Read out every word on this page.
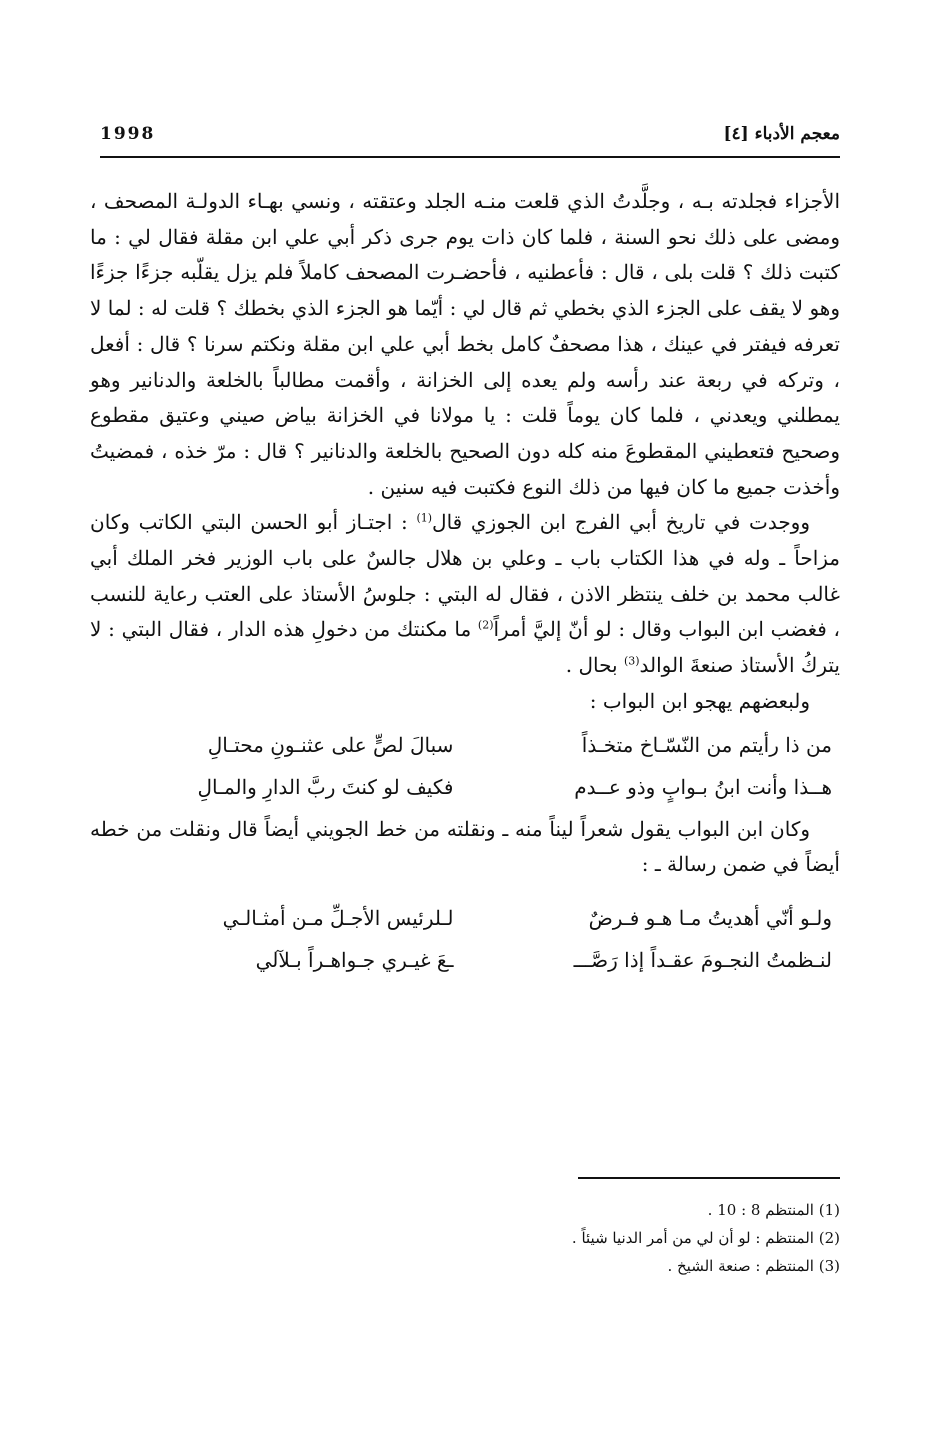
معجم الأدباء [٤]
1998

الأجزاء فجلدته بـه ، وجلَّدتُ الذي قلعت منـه الجلد وعتقته ، ونسي بهـاء الدولـة المصحف ، ومضى على ذلك نحو السنة ، فلما كان ذات يوم جرى ذكر أبي علي ابن مقلة فقال لي : ما كتبت ذلك ؟ قلت بلى ، قال : فأعطنيه ، فأحضـرت المصحف كاملاً فلم يزل يقلّبه جزءًا جزءًا وهو لا يقف على الجزء الذي بخطي ثم قال لي : أيّما هو الجزء الذي بخطك ؟ قلت له : لما لا تعرفه فيفتر في عينك ، هذا مصحفٌ كامل بخط أبي علي ابن مقلة ونكتم سرنا ؟ قال : أفعل ، وتركه في ربعة عند رأسه ولم يعده إلى الخزانة ، وأقمت مطالباً بالخلعة والدنانير وهو يمطلني ويعدني ، فلما كان يوماً قلت : يا مولانا في الخزانة بياض صيني وعتيق مقطوع وصحيح فتعطيني المقطوعَ منه كله دون الصحيح بالخلعة والدنانير ؟ قال : مرّ خذه ، فمضيتُ وأخذت جميع ما كان فيها من ذلك النوع فكتبت فيه سنين .

ووجدت في تاريخ أبي الفرج ابن الجوزي قال$^{(1)}$ : اجتـاز أبو الحسن البتي الكاتب وكان مزاحاً ـ وله في هذا الكتاب باب ـ وعلي بن هلال جالسٌ على باب الوزير فخر الملك أبي غالب محمد بن خلف ينتظر الاذن ، فقال له البتي : جلوسُ الأستاذ على العتب رعاية للنسب ، فغضب ابن البواب وقال : لو أنّ إليَّ أمراً$^{(2)}$ ما مكنتك من دخولِ هذه الدار ، فقال البتي : لا يتركُ الأستاذ صنعةَ الوالد$^{(3)}$ بحال .

ولبعضهم يهجو ابن البواب :

من ذا رأيتم من النّسّـاخ متخـذاً
سبالَ لصٍّ على عثنـونِ محتـالِ
هــذا وأنت ابنُ بـوابٍ وذو عــدم
فكيف لو كنتَ ربَّ الدارِ والمـالِ

وكان ابن البواب يقول شعراً ليناً منه ـ ونقلته من خط الجويني أيضاً قال ونقلت من خطه أيضاً في ضمن رسالة ـ :

ولـو أنّي أهديتُ مـا هـو فـرضٌ
لـلرئيس الأجـلِّ مـن أمثـالـي
لنـظمتُ النجـومَ عقـداً إذا رَصَّـــ
ـعَ غيـري جـواهـراً بـلآلي
(1) المنتظم 8 : 10 .
(2) المنتظم : لو أن لي من أمر الدنيا شيئاً .
(3) المنتظم : صنعة الشيخ .
